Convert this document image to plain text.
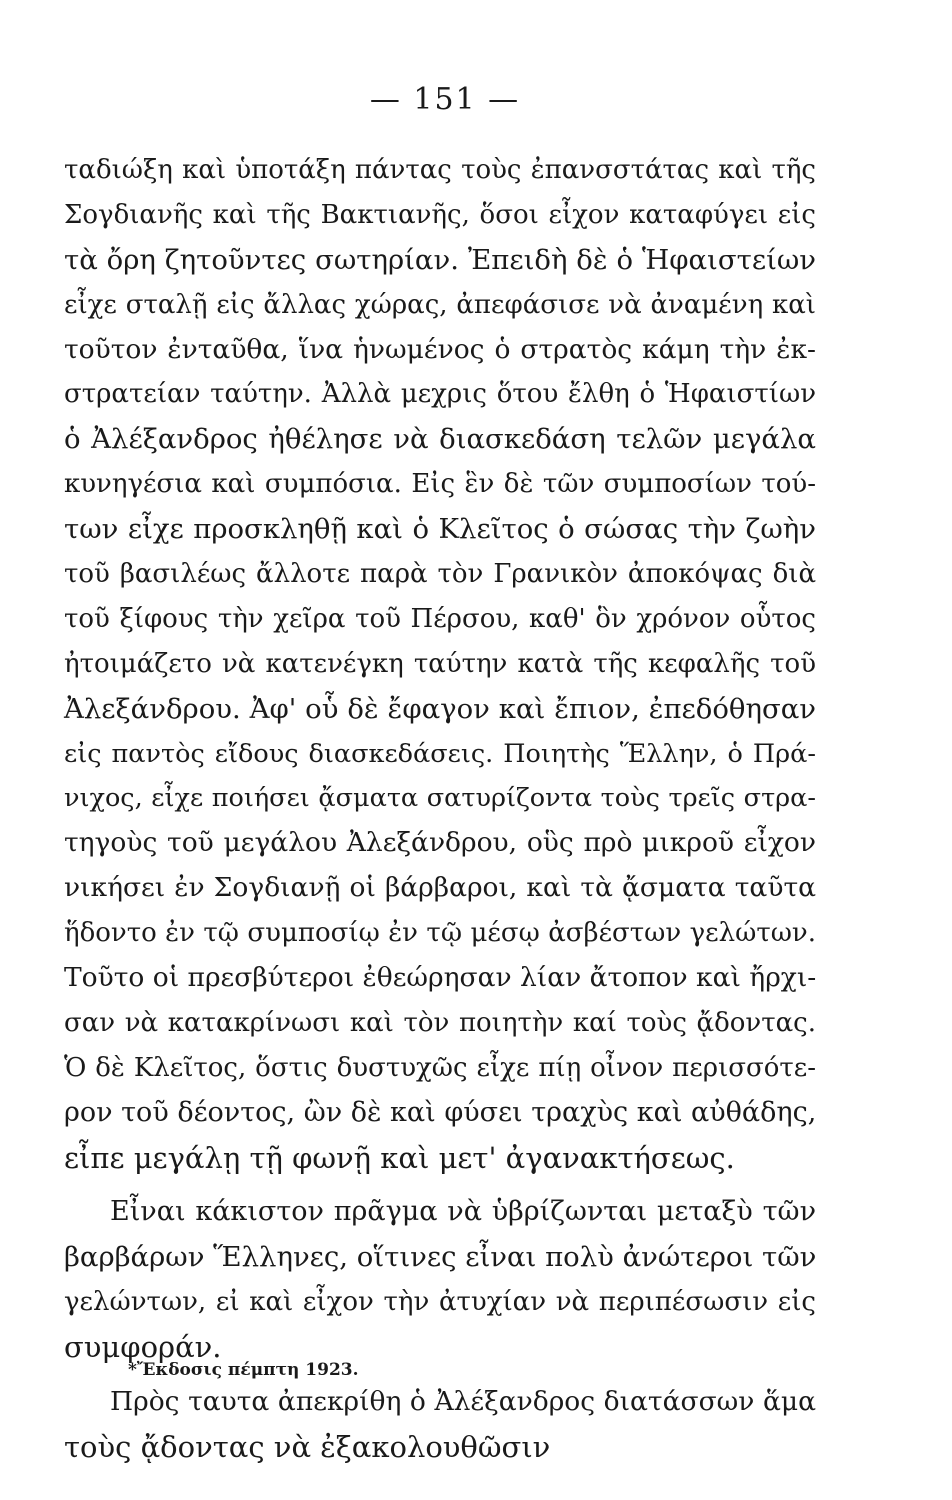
— 151 —
ταδιώξη καὶ ὑποτάξη πάντας τοὺς ἐπανσστάτας καὶ τῆς
Σογδιανῆς καὶ τῆς Βακτιανῆς, ὅσοι εἶχον καταφύγει εἰς
τὰ ὄρη ζητοῦντες σωτηρίαν. Ἐπειδὴ δὲ ὁ Ἡφαιστείων
εἶχε σταλῇ εἰς ἄλλας χώρας, ἀπεφάσισε νὰ ἀναμένη καὶ
τοῦτον ἐνταῦθα, ἵνα ἡνωμένος ὁ στρατὸς κάμη τὴν ἐκ-
στρατείαν ταύτην. Ἀλλὰ μεχρις ὅτου ἔλθη ὁ Ἡφαιστίων
ὁ Ἀλέξανδρος ἠθέλησε νὰ διασκεδάση τελῶν μεγάλα
κυνηγέσια καὶ συμπόσια. Εἰς ἓν δὲ τῶν συμποσίων τού-
των εἶχε προσκληθῇ καὶ ὁ Κλεῖτος ὁ σώσας τὴν ζωὴν
τοῦ βασιλέως ἄλλοτε παρὰ τὸν Γρανικὸν ἀποκόψας διὰ
τοῦ ξίφους τὴν χεῖρα τοῦ Πέρσου, καθ' ὃν χρόνον οὗτος
ἠτοιμάζετο νὰ κατενέγκη ταύτην κατὰ τῆς κεφαλῆς τοῦ
Ἀλεξάνδρου. Ἀφ' οὗ δὲ ἔφαγον καὶ ἔπιον, ἐπεδόθησαν
εἰς παντὸς εἴδους διασκεδάσεις. Ποιητὴς Ἕλλην, ὁ Πρά-
νιχος, εἶχε ποιήσει ᾄσματα σατυρίζοντα τοὺς τρεῖς στρα-
τηγοὺς τοῦ μεγάλου Ἀλεξάνδρου, οὓς πρὸ μικροῦ εἶχον
νικήσει ἐν Σογδιανῇ οἱ βάρβαροι, καὶ τὰ ᾄσματα ταῦτα
ἥδοντο ἐν τῷ συμποσίῳ ἐν τῷ μέσῳ ἀσβέστων γελώτων.
Τοῦτο οἱ πρεσβύτεροι ἐθεώρησαν λίαν ἄτοπον καὶ ἤρχι-
σαν νὰ κατακρίνωσι καὶ τὸν ποιητὴν καί τοὺς ᾄδοντας.
Ὁ δὲ Κλεῖτος, ὅστις δυστυχῶς εἶχε πίῃ οἶνον περισσότε-
ρον τοῦ δέοντος, ὢν δὲ καὶ φύσει τραχὺς καὶ αὐθάδης,
εἶπε μεγάλῃ τῇ φωνῇ καὶ μετ' ἀγανακτήσεως.
Εἶναι κάκιστον πρᾶγμα νὰ ὑβρίζωνται μεταξὺ τῶν
βαρβάρων Ἕλληνες, οἵτινες εἶναι πολὺ ἀνώτεροι τῶν
γελώντων, εἰ καὶ εἶχον τὴν ἀτυχίαν νὰ περιπέσωσιν εἰς
συμφοράν.
Πρὸς ταυτα ἀπεκρίθη ὁ Ἀλέξανδρος διατάσσων ἅμα
τοὺς ᾄδοντας νὰ ἐξακολουθῶσιν
*Ἔκδοσις πέμπτη 1923.
